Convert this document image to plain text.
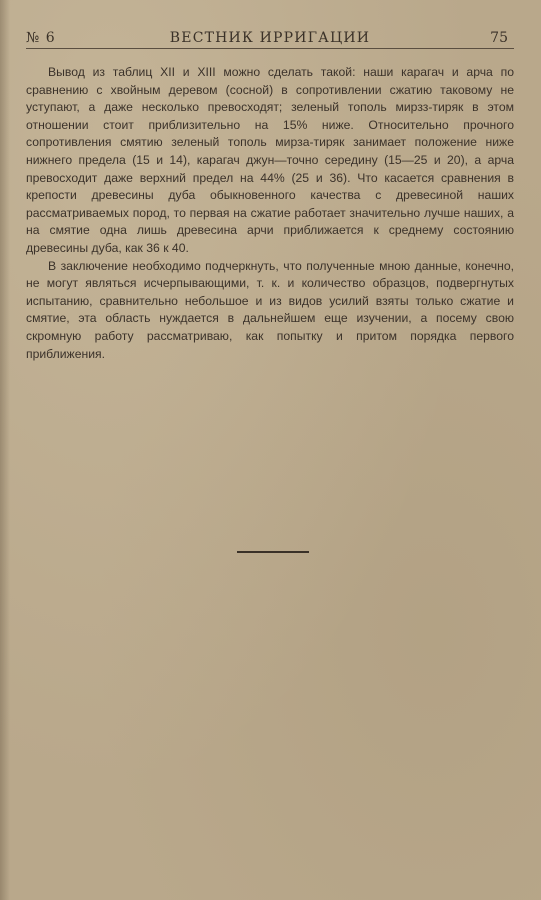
№ 6	ВЕСТНИК ИРРИГАЦИИ	75

Вывод из таблиц XII и XIII можно сделать такой: наши карагач и арча по сравнению с хвойным деревом (сосной) в сопротивлении сжатию таковому не уступают, а даже несколько превосходят; зеленый тополь мирзз-тиряк в этом отношении стоит приблизительно на 15% ниже. Относительно прочного сопротивления смятию зеленый тополь мирза-тиряк занимает положение ниже нижнего предела (15 и 14), карагач джун—точно середину (15—25 и 20), а арча превосходит даже верхний предел на 44% (25 и 36). Что касается сравнения в крепости древесины дуба обыкновенного качества с древесиной наших рассматриваемых пород, то первая на сжатие работает значительно лучше наших, а на смятие одна лишь древесина арчи приближается к среднему состоянию древесины дуба, как 36 к 40.

В заключение необходимо подчеркнуть, что полученные мною данные, конечно, не могут являться исчерпывающими, т. к. и количество образцов, подвергнутых испытанию, сравнительно небольшое и из видов усилий взяты только сжатие и смятие, эта область нуждается в дальнейшем еще изучении, а посему свою скромную работу рассматриваю, как попытку и притом порядка первого приближения.
